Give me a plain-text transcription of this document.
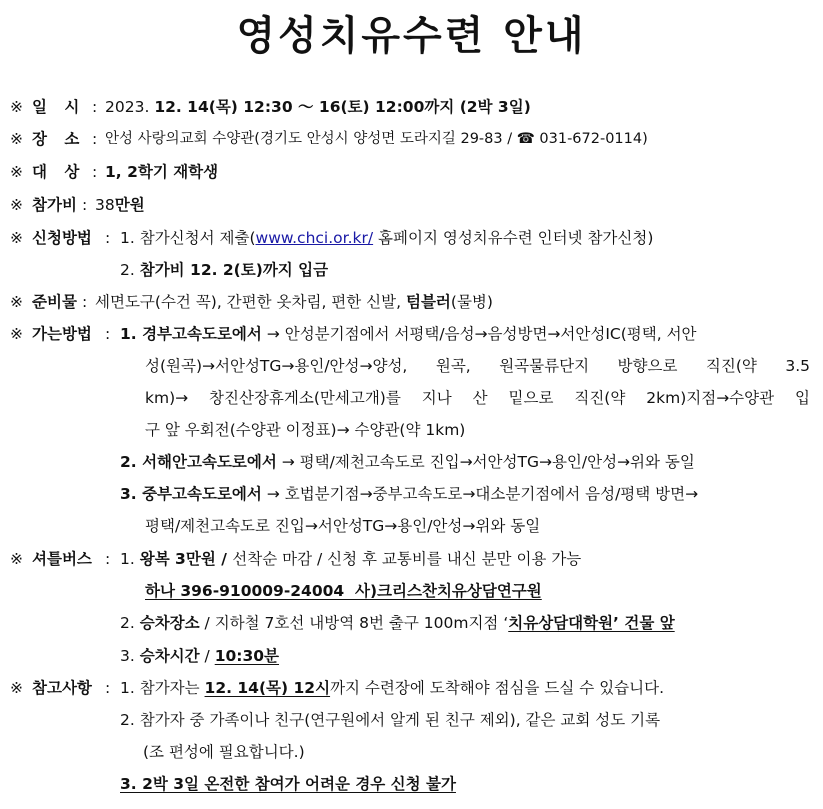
영성치유수련 안내
※ 일 시 : 2023. 12. 14(목) 12:30 ～ 16(토) 12:00까지 (2박 3일)
※ 장 소 : 안성 사랑의교회 수양관(경기도 안성시 양성면 도라지길 29-83 / ☎ 031-672-0114)
※ 대 상 : 1, 2학기 재학생
※ 참가비 : 38만원
※ 신청방법 : 1. 참가신청서 제출(www.chci.or.kr/ 홈페이지 영성치유수련 인터넷 참가신청)
2. 참가비 12. 2(토)까지 입금
※ 준비물 : 세면도구(수건 꼭), 간편한 옷차림, 편한 신발, 텀블러(물병)
※ 가는방법 : 1. 경부고속도로에서 → 안성분기점에서 서평택/음성→음성방면→서안성IC(평택, 서안
성(원곡)→서안성TG→용인/안성→양성, 원곡, 원곡물류단지 방향으로 직진(약 3.5
km)→ 창진산장휴게소(만세고개)를 지나 산 밑으로 직진(약 2km)지점→수양관 입
구 앞 우회전(수양관 이정표)→ 수양관(약 1km)
2. 서해안고속도로에서 → 평택/제천고속도로 진입→서안성TG→용인/안성→위와 동일
3. 중부고속도로에서 → 호법분기점→중부고속도로→대소분기점에서 음성/평택 방면→
평택/제천고속도로 진입→서안성TG→용인/안성→위와 동일
※ 셔틀버스 : 1. 왕복 3만원 / 선착순 마감 / 신청 후 교통비를 내신 분만 이용 가능
하나 396-910009-24004  사)크리스찬치유상담연구원
2. 승차장소 / 지하철 7호선 내방역 8번 출구 100m지점 ‘치유상담대학원’ 건물 앞
3. 승차시간 / 10:30분
※ 참고사항 : 1. 참가자는 12. 14(목) 12시까지 수련장에 도착해야 점심을 드실 수 있습니다.
2. 참가자 중 가족이나 친구(연구원에서 알게 된 친구 제외), 같은 교회 성도 기록
(조 편성에 필요합니다.)
3. 2박 3일 온전한 참여가 어려운 경우 신청 불가
